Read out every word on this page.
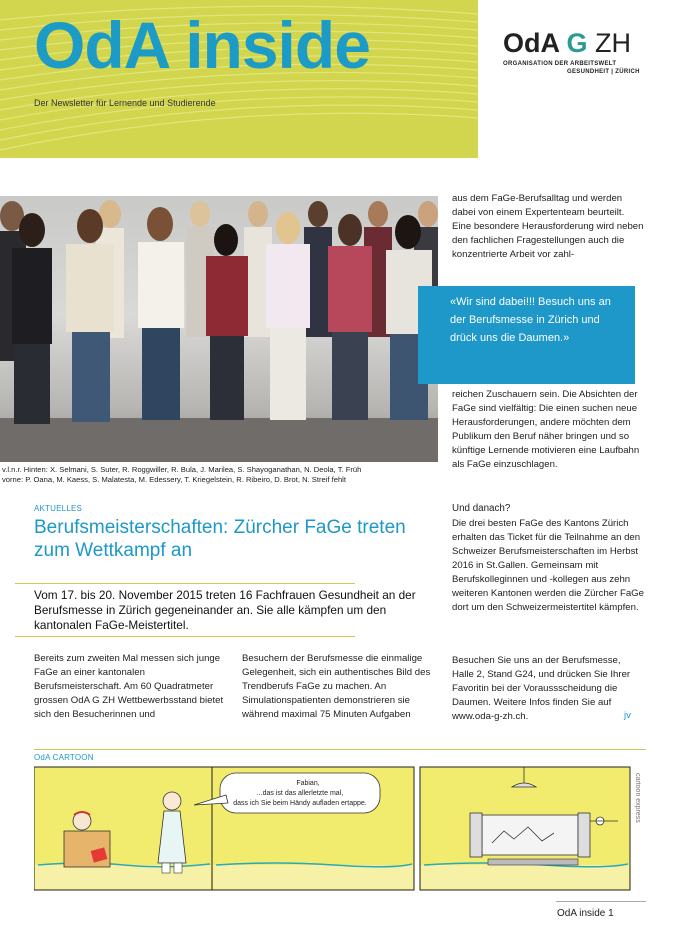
OdA inside
Der Newsletter für Lernende und Studierende
OdA G ZH
ORGANISATION DER ARBEITSWELT
GESUNDHEIT | ZÜRICH
v.l.n.r. Hinten: X. Selmani, S. Suter, R. Roggwiller, R. Bula, J. Marilea, S. Shayoganathan, N. Deola, T. Früh
vorne: P. Oana, M. Kaess, S. Malatesta, M. Edessery, T. Kriegelstein, R. Ribeiro, D. Brot, N. Streif fehlt
aus dem FaGe-Berufsalltag und werden dabei von einem Expertenteam beurteilt. Eine besondere Herausforderung wird neben den fachlichen Fragestellungen auch die konzentrierte Arbeit vor zahl-
«Wir sind dabei!!! Besuch uns an der Berufsmesse in Zürich und drück uns die Daumen.»
reichen Zuschauern sein. Die Absichten der FaGe sind vielfältig: Die einen suchen neue Herausforderungen, andere möchten dem Publikum den Beruf näher bringen und so künftige Lernende motivieren eine Laufbahn als FaGe einzuschlagen.
Und danach?
Die drei besten FaGe des Kantons Zürich erhalten das Ticket für die Teilnahme an den Schweizer Berufsmeisterschaften im Herbst 2016 in St.Gallen. Gemeinsam mit Berufskolleginnen und -kollegen aus zehn weiteren Kantonen werden die Zürcher FaGe dort um den Schweizermeistertitel kämpfen.
Besuchen Sie uns an der Berufsmesse, Halle 2, Stand G24, und drücken Sie Ihrer Favoritin bei der Voraussscheidung die Daumen. Weitere Infos finden Sie auf www.oda-g-zh.ch.	jv
AKTUELLES
Berufsmeisterschaften: Zürcher FaGe treten zum Wettkampf an
Vom 17. bis 20. November 2015 treten 16 Fachfrauen Gesundheit an der Berufsmesse in Zürich gegeneinander an. Sie alle kämpfen um den kantonalen FaGe-Meistertitel.
Bereits zum zweiten Mal messen sich junge FaGe an einer kantonalen Berufsmeisterschaft. Am 60 Quadratmeter grossen OdA G ZH Wettbewerbsstand bietet sich den Besucherinnen und
Besuchern der Berufsmesse die einmalige Gelegenheit, sich ein authentisches Bild des Trendberufs FaGe zu machen. An Simulationspatienten demonstrieren sie während maximal 75 Minuten Aufgaben
OdA CARTOON
Fabian,
...das ist das allerletzte mal,
dass ich Sie beim Händy aufladen ertappe.	cartoon express
OdA inside 1
